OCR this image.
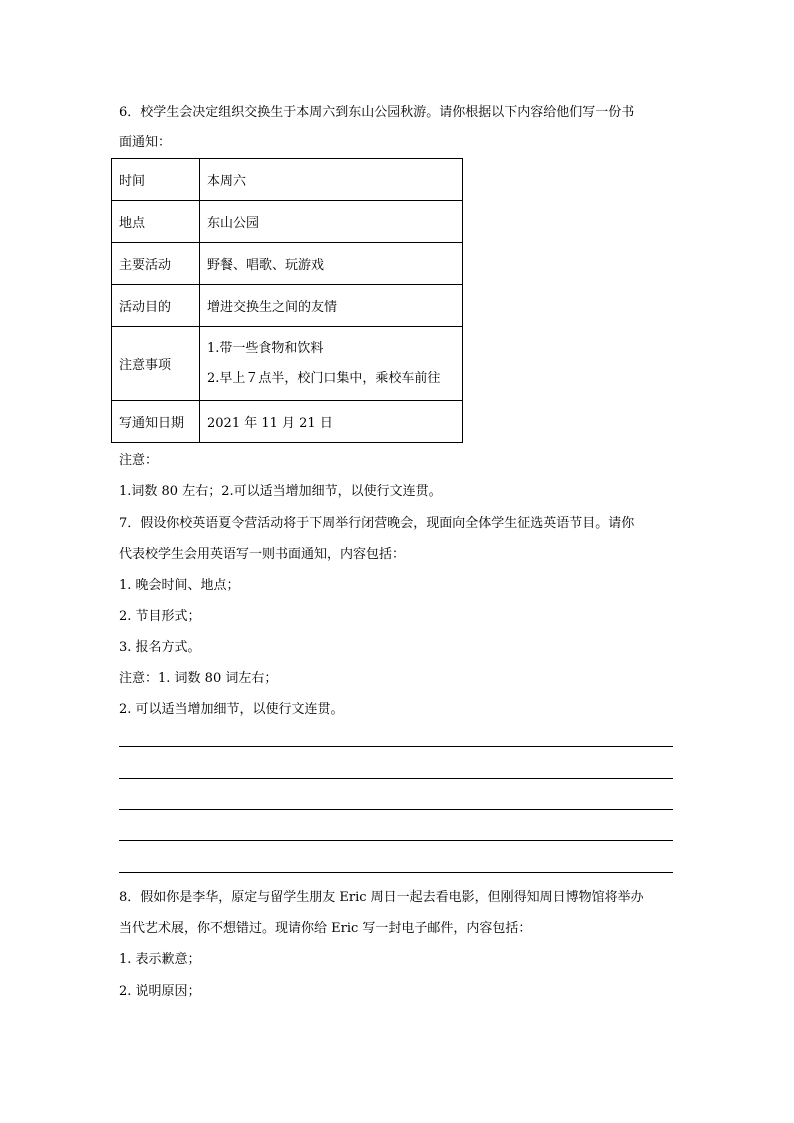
6．校学生会决定组织交换生于本周六到东山公园秋游。请你根据以下内容给他们写一份书
面通知：
时间	本周六
地点	东山公园
主要活动	野餐、唱歌、玩游戏
活动目的	增进交换生之间的友情
注意事项	1.带一些食物和饮料
2.早上７点半，校门口集中，乘校车前往

写通知日期	2021 年 11 月 21 日
注意：
1.词数 80 左右；2.可以适当增加细节，以使行文连贯。
7．假设你校英语夏令营活动将于下周举行闭营晚会，现面向全体学生征选英语节目。请你
代表校学生会用英语写一则书面通知，内容包括：
1. 晚会时间、地点；
2. 节目形式；
3. 报名方式。
注意：1. 词数 80 词左右；
2. 可以适当增加细节，以使行文连贯。
8．假如你是李华，原定与留学生朋友 Eric 周日一起去看电影，但刚得知周日博物馆将举办
当代艺术展，你不想错过。现请你给 Eric 写一封电子邮件，内容包括：
1. 表示歉意；
2. 说明原因；
